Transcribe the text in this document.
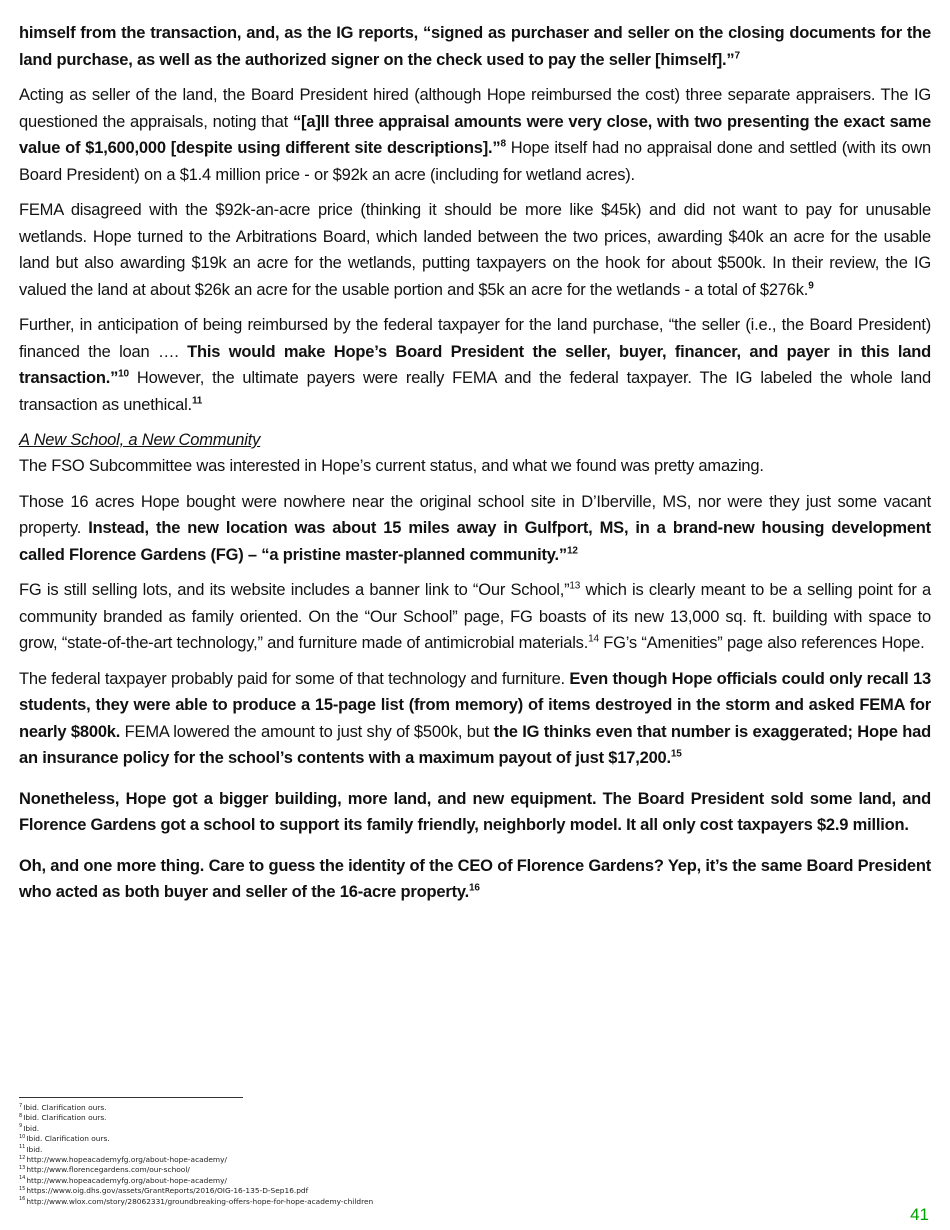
himself from the transaction, and, as the IG reports, “signed as purchaser and seller on the closing documents for the land purchase, as well as the authorized signer on the check used to pay the seller [himself].”$^7$

Acting as seller of the land, the Board President hired (although Hope reimbursed the cost) three separate appraisers. The IG questioned the appraisals, noting that “[a]ll three appraisal amounts were very close, with two presenting the exact same value of $1,600,000 [despite using different site descriptions].”$^8$ Hope itself had no appraisal done and settled (with its own Board President) on a $1.4 million price - or $92k an acre (including for wetland acres).

FEMA disagreed with the $92k-an-acre price (thinking it should be more like $45k) and did not want to pay for unusable wetlands. Hope turned to the Arbitrations Board, which landed between the two prices, awarding $40k an acre for the usable land but also awarding $19k an acre for the wetlands, putting taxpayers on the hook for about $500k. In their review, the IG valued the land at about $26k an acre for the usable portion and $5k an acre for the wetlands - a total of $276k.$^9$

Further, in anticipation of being reimbursed by the federal taxpayer for the land purchase, “the seller (i.e., the Board President) financed the loan …. This would make Hope’s Board President the seller, buyer, financer, and payer in this land transaction.”$^{10}$ However, the ultimate payers were really FEMA and the federal taxpayer. The IG labeled the whole land transaction as unethical.$^{11}$

A New School, a New Community

The FSO Subcommittee was interested in Hope’s current status, and what we found was pretty amazing.

Those 16 acres Hope bought were nowhere near the original school site in D’Iberville, MS, nor were they just some vacant property. Instead, the new location was about 15 miles away in Gulfport, MS, in a brand-new housing development called Florence Gardens (FG) – “a pristine master-planned community.”$^{12}$

FG is still selling lots, and its website includes a banner link to “Our School,”$^{13}$ which is clearly meant to be a selling point for a community branded as family oriented. On the “Our School” page, FG boasts of its new 13,000 sq. ft. building with space to grow, “state-of-the-art technology,” and furniture made of antimicrobial materials.$^{14}$ FG’s “Amenities” page also references Hope.

The federal taxpayer probably paid for some of that technology and furniture. Even though Hope officials could only recall 13 students, they were able to produce a 15-page list (from memory) of items destroyed in the storm and asked FEMA for nearly $800k. FEMA lowered the amount to just shy of $500k, but the IG thinks even that number is exaggerated; Hope had an insurance policy for the school’s contents with a maximum payout of just $17,200.15

Nonetheless, Hope got a bigger building, more land, and new equipment. The Board President sold some land, and Florence Gardens got a school to support its family friendly, neighborly model. It all only cost taxpayers $2.9 million.

Oh, and one more thing. Care to guess the identity of the CEO of Florence Gardens? Yep, it’s the same Board President who acted as both buyer and seller of the 16-acre property.$^{16}$

$^7$Ibid. Clarification ours.
$^8$Ibid. Clarification ours.
$^9$Ibid.
$^{10}$Ibid. Clarification ours.
$^{11}$Ibid.
$^{12}$http://www.hopeacademyfg.org/about-hope-academy/
$^{13}$http://www.florencegardens.com/our-school/
$^{14}$http://www.hopeacademyfg.org/about-hope-academy/
$^{15}$https://www.oig.dhs.gov/assets/GrantReports/2016/OIG-16-135-D-Sep16.pdf
$^{16}$http://www.wlox.com/story/28062331/groundbreaking-offers-hope-for-hope-academy-children
41
